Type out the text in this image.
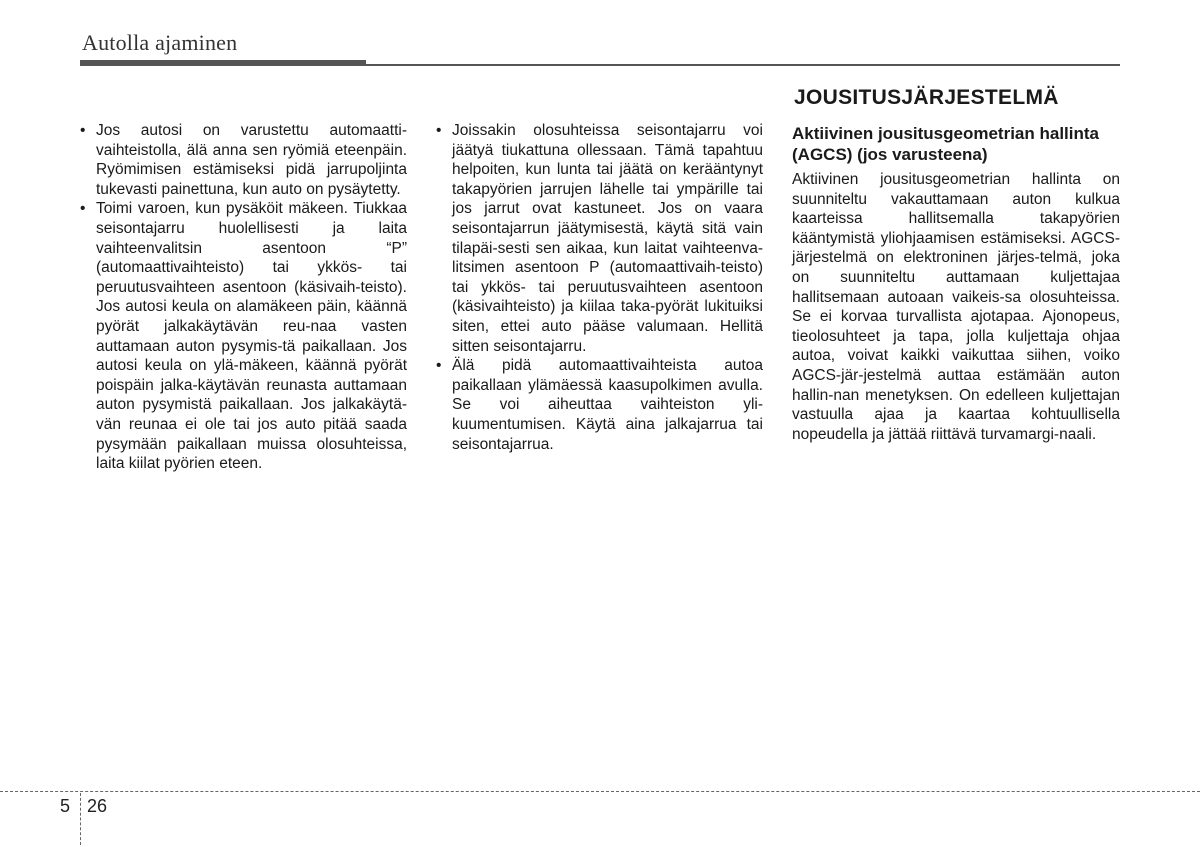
Autolla ajaminen
• Jos autosi on varustettu automaatti-vaihteistolla, älä anna sen ryömiä eteenpäin. Ryömimisen estämiseksi pidä jarrupoljinta tukevasti painettuna, kun auto on pysäytetty.
• Toimi varoen, kun pysäköit mäkeen. Tiukkaa seisontajarru huolellisesti ja laita vaihteenvalitsin asentoon “P” (automaattivaihteisto) tai ykkös- tai peruutusvaihteen asentoon (käsivaih-teisto). Jos autosi keula on alamäkeen päin, käännä pyörät jalkakäytävän reu-naa vasten auttamaan auton pysymis-tä paikallaan. Jos autosi keula on ylä-mäkeen, käännä pyörät poispäin jalka-käytävän reunasta auttamaan auton pysymistä paikallaan. Jos jalkakäytä-vän reunaa ei ole tai jos auto pitää saada pysymään paikallaan muissa olosuhteissa, laita kiilat pyörien eteen.
• Joissakin olosuhteissa seisontajarru voi jäätyä tiukattuna ollessaan. Tämä tapahtuu helpoiten, kun lunta tai jäätä on kerääntynyt takapyörien jarrujen lähelle tai ympärille tai jos jarrut ovat kastuneet. Jos on vaara seisontajarrun jäätymisestä, käytä sitä vain tilapäi-sesti sen aikaa, kun laitat vaihteenva-litsimen asentoon P (automaattivaih-teisto) tai ykkös- tai peruutusvaihteen asentoon (käsivaihteisto) ja kiilaa taka-pyörät lukituiksi siten, ettei auto pääse valumaan. Hellitä sitten seisontajarru.
• Älä pidä automaattivaihteista autoa paikallaan ylämäessä kaasupolkimen avulla. Se voi aiheuttaa vaihteiston yli-kuumentumisen. Käytä aina jalkajarrua tai seisontajarrua.
JOUSITUSJÄRJESTELMÄ
Aktiivinen jousitusgeometrian hallinta (AGCS) (jos varusteena)

Aktiivinen jousitusgeometrian hallinta on suunniteltu vakauttamaan auton kulkua kaarteissa hallitsemalla takapyörien kääntymistä yliohjaamisen estämiseksi. AGCS-järjestelmä on elektroninen järjes-telmä, joka on suunniteltu auttamaan kuljettajaa hallitsemaan autoaan vaikeis-sa olosuhteissa. Se ei korvaa turvallista ajotapaa. Ajonopeus, tieolosuhteet ja tapa, jolla kuljettaja ohjaa autoa, voivat kaikki vaikuttaa siihen, voiko AGCS-jär-jestelmä auttaa estämään auton hallin-nan menetyksen. On edelleen kuljettajan vastuulla ajaa ja kaartaa kohtuullisella nopeudella ja jättää riittävä turvamargi-naali.

5 26
